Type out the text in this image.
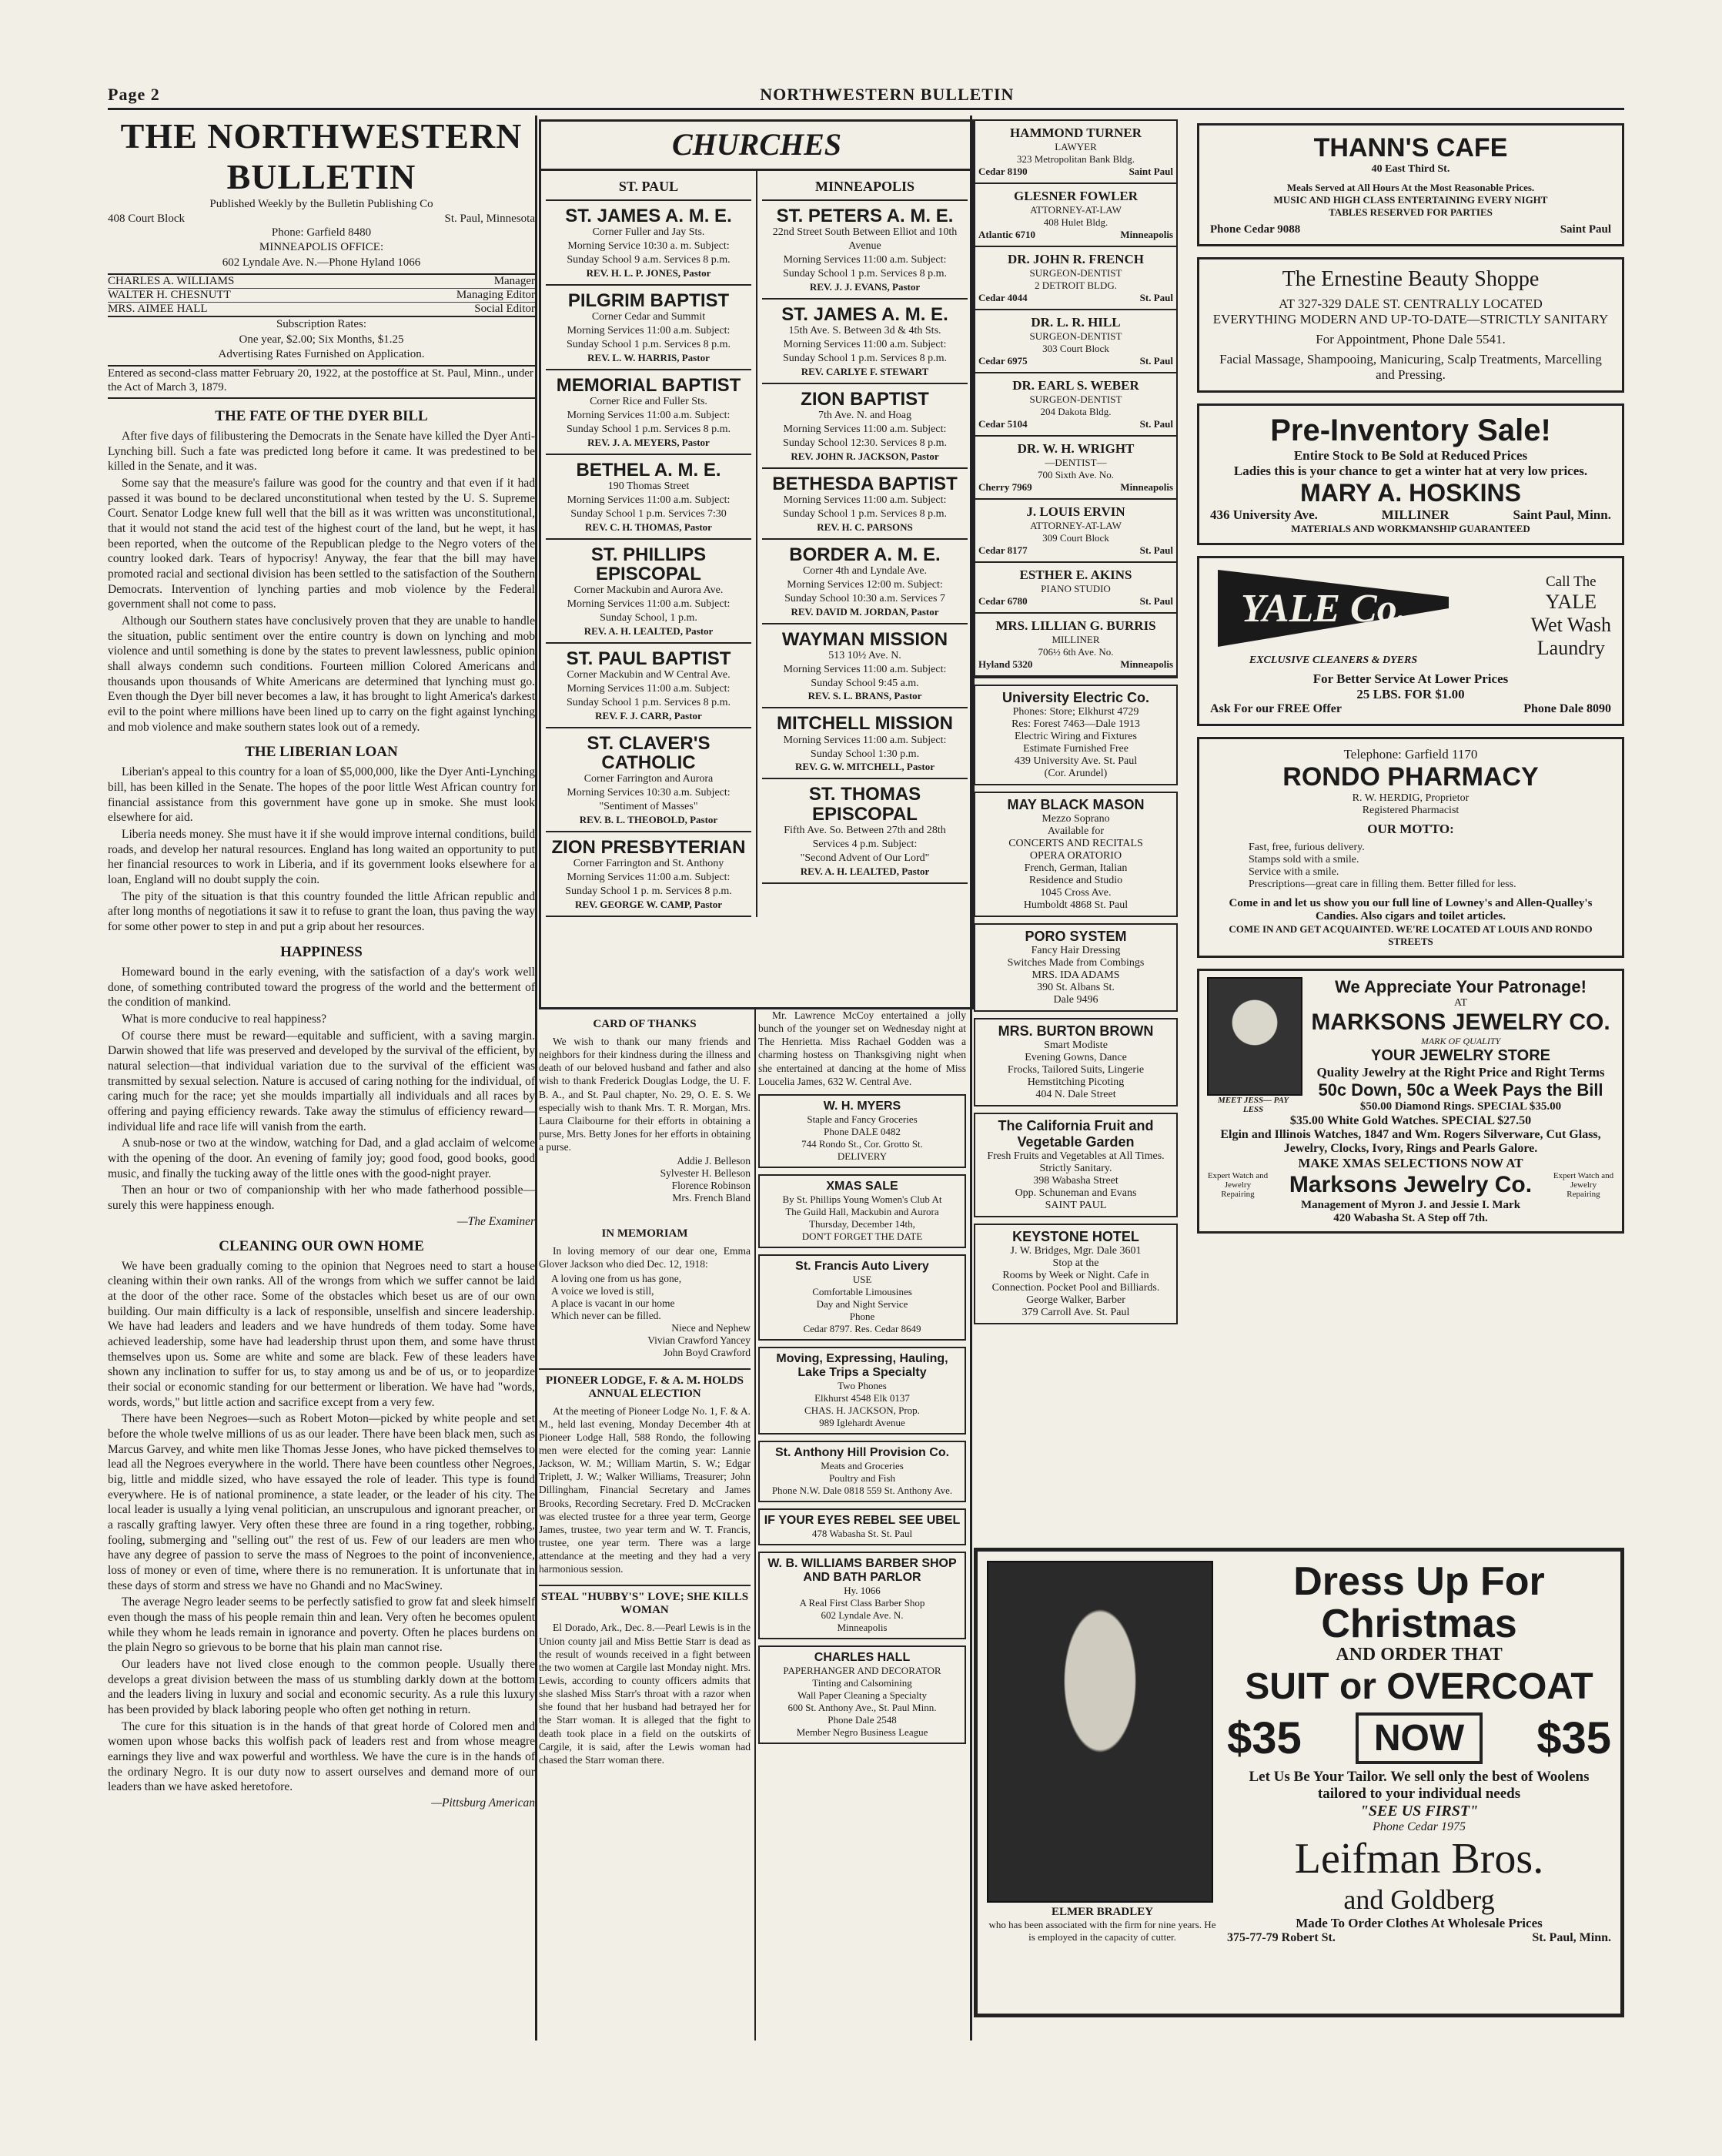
Page 2	NORTHWESTERN BULLETIN
THE NORTHWESTERN BULLETIN
Published Weekly by the Bulletin Publishing Co
408 Court Block	St. Paul, Minnesota
Phone: Garfield 8480
MINNEAPOLIS OFFICE:
602 Lyndale Ave. N.—Phone Hyland 1066
CHARLES A. WILLIAMS	Manager
WALTER H. CHESNUTT	Managing Editor
MRS. AIMEE HALL	Social Editor
Subscription Rates:
One year, $2.00; Six Months, $1.25
Advertising Rates Furnished on Application.
Entered as second-class matter February 20, 1922, at the postoffice at St. Paul, Minn., under the Act of March 3, 1879.
THE FATE OF THE DYER BILL

After five days of filibustering the Democrats in the Senate have killed the Dyer Anti-Lynching bill. Such a fate was predicted long before it came. It was predestined to be killed in the Senate, and it was.

Some say that the measure's failure was good for the country and that even if it had passed it was bound to be declared unconstitutional when tested by the U. S. Supreme Court. Senator Lodge knew full well that the bill as it was written was unconstitutional, that it would not stand the acid test of the highest court of the land, but he wept, it has been reported, when the outcome of the Republican pledge to the Negro voters of the country looked dark. Tears of hypocrisy! Anyway, the fear that the bill may have promoted racial and sectional division has been settled to the satisfaction of the Southern Democrats. Intervention of lynching parties and mob violence by the Federal government shall not come to pass.

Although our Southern states have conclusively proven that they are unable to handle the situation, public sentiment over the entire country is down on lynching and mob violence and until something is done by the states to prevent lawlessness, public opinion shall always condemn such conditions. Fourteen million Colored Americans and thousands upon thousands of White Americans are determined that lynching must go. Even though the Dyer bill never becomes a law, it has brought to light America's darkest evil to the point where millions have been lined up to carry on the fight against lynching and mob violence and make southern states look out of a remedy.

THE LIBERIAN LOAN

Liberian's appeal to this country for a loan of $5,000,000, like the Dyer Anti-Lynching bill, has been killed in the Senate. The hopes of the poor little West African country for financial assistance from this government have gone up in smoke. She must look elsewhere for aid.

Liberia needs money. She must have it if she would improve internal conditions, build roads, and develop her natural resources. England has long waited an opportunity to put her financial resources to work in Liberia, and if its government looks elsewhere for a loan, England will no doubt supply the coin.

The pity of the situation is that this country founded the little African republic and after long months of negotiations it saw it to refuse to grant the loan, thus paving the way for some other power to step in and put a grip about her resources.

HAPPINESS

Homeward bound in the early evening, with the satisfaction of a day's work well done, of something contributed toward the progress of the world and the betterment of the condition of mankind.

What is more conducive to real happiness?

Of course there must be reward—equitable and sufficient, with a saving margin. Darwin showed that life was preserved and developed by the survival of the efficient, by natural selection—that individual variation due to the survival of the efficient was transmitted by sexual selection. Nature is accused of caring nothing for the individual, of caring much for the race; yet she moulds impartially all individuals and all races by offering and paying efficiency rewards. Take away the stimulus of efficiency reward—individual life and race life will vanish from the earth.

A snub-nose or two at the window, watching for Dad, and a glad acclaim of welcome with the opening of the door. An evening of family joy; good food, good books, good music, and finally the tucking away of the little ones with the good-night prayer.

Then an hour or two of companionship with her who made fatherhood possible—surely this were happiness enough.

—The Examiner
CLEANING OUR OWN HOME

We have been gradually coming to the opinion that Negroes need to start a house cleaning within their own ranks. All of the wrongs from which we suffer cannot be laid at the door of the other race. Some of the obstacles which beset us are of our own building. Our main difficulty is a lack of responsible, unselfish and sincere leadership. We have had leaders and leaders and we have hundreds of them today. Some have achieved leadership, some have had leadership thrust upon them, and some have thrust themselves upon us. Some are white and some are black. Few of these leaders have shown any inclination to suffer for us, to stay among us and be of us, or to jeopardize their social or economic standing for our betterment or liberation. We have had "words, words, words," but little action and sacrifice except from a very few.

There have been Negroes—such as Robert Moton—picked by white people and set before the whole twelve millions of us as our leader. There have been black men, such as Marcus Garvey, and white men like Thomas Jesse Jones, who have picked themselves to lead all the Negroes everywhere in the world. There have been countless other Negroes, big, little and middle sized, who have essayed the role of leader. This type is found everywhere. He is of national prominence, a state leader, or the leader of his city. The local leader is usually a lying venal politician, an unscrupulous and ignorant preacher, or a rascally grafting lawyer. Very often these three are found in a ring together, robbing, fooling, submerging and "selling out" the rest of us. Few of our leaders are men who have any degree of passion to serve the mass of Negroes to the point of inconvenience, loss of money or even of time, where there is no remuneration. It is unfortunate that in these days of storm and stress we have no Ghandi and no MacSwiney.

The average Negro leader seems to be perfectly satisfied to grow fat and sleek himself even though the mass of his people remain thin and lean. Very often he becomes opulent while they whom he leads remain in ignorance and poverty. Often he places burdens on the plain Negro so grievous to be borne that his plain man cannot rise.

Our leaders have not lived close enough to the common people. Usually there develops a great division between the mass of us stumbling darkly down at the bottom and the leaders living in luxury and social and economic security. As a rule this luxury has been provided by black laboring people who often get nothing in return.

The cure for this situation is in the hands of that great horde of Colored men and women upon whose backs this wolfish pack of leaders rest and from whose meagre earnings they live and wax powerful and worthless. We have the cure is in the hands of the ordinary Negro. It is our duty now to assert ourselves and demand more of our leaders than we have asked heretofore.

—Pittsburg American
CHURCHES
ST. PAUL
ST. JAMES A. M. E.
Corner Fuller and Jay Sts.
Morning Service 10:30 a. m. Subject:
Sunday School 9 a.m. Services 8 p.m.
REV. H. L. P. JONES, Pastor
PILGRIM BAPTIST
Corner Cedar and Summit
Morning Services 11:00 a.m. Subject:
Sunday School 1 p.m. Services 8 p.m.
REV. L. W. HARRIS, Pastor
MEMORIAL BAPTIST
Corner Rice and Fuller Sts.
Morning Services 11:00 a.m. Subject:
Sunday School 1 p.m. Services 8 p.m.
REV. J. A. MEYERS, Pastor
BETHEL A. M. E.
190 Thomas Street
Morning Services 11:00 a.m. Subject:
Sunday School 1 p.m. Services 7:30
REV. C. H. THOMAS, Pastor
ST. PHILLIPS EPISCOPAL
Corner Mackubin and Aurora Ave.
Morning Services 11:00 a.m. Subject:
Sunday School, 1 p.m.
REV. A. H. LEALTED, Pastor
ST. PAUL BAPTIST
Corner Mackubin and W Central Ave.
Morning Services 11:00 a.m. Subject:
Sunday School 1 p.m. Services 8 p.m.
REV. F. J. CARR, Pastor
ST. CLAVER'S CATHOLIC
Corner Farrington and Aurora
Morning Services 10:30 a.m. Subject:
"Sentiment of Masses"
REV. B. L. THEOBOLD, Pastor
ZION PRESBYTERIAN
Corner Farrington and St. Anthony
Morning Services 11:00 a.m. Subject:
Sunday School 1 p. m. Services 8 p.m.
REV. GEORGE W. CAMP, Pastor
MINNEAPOLIS
ST. PETERS A. M. E.
22nd Street South Between Elliot and 10th Avenue
Morning Services 11:00 a.m. Subject:
Sunday School 1 p.m. Services 8 p.m.
REV. J. J. EVANS, Pastor
ST. JAMES A. M. E.
15th Ave. S. Between 3d & 4th Sts.
Morning Services 11:00 a.m. Subject:
Sunday School 1 p.m. Services 8 p.m.
REV. CARLYE F. STEWART
ZION BAPTIST
7th Ave. N. and Hoag
Morning Services 11:00 a.m. Subject:
Sunday School 12:30. Services 8 p.m.
REV. JOHN R. JACKSON, Pastor
BETHESDA BAPTIST
Morning Services 11:00 a.m. Subject:
Sunday School 1 p.m. Services 8 p.m.
REV. H. C. PARSONS
BORDER A. M. E.
Corner 4th and Lyndale Ave.
Morning Services 12:00 m. Subject:
Sunday School 10:30 a.m. Services 7
REV. DAVID M. JORDAN, Pastor
WAYMAN MISSION
513 10½ Ave. N.
Morning Services 11:00 a.m. Subject:
Sunday School 9:45 a.m.
REV. S. L. BRANS, Pastor
MITCHELL MISSION
Morning Services 11:00 a.m. Subject:
Sunday School 1:30 p.m.
REV. G. W. MITCHELL, Pastor
ST. THOMAS EPISCOPAL
Fifth Ave. So. Between 27th and 28th
Services 4 p.m. Subject:
"Second Advent of Our Lord"
REV. A. H. LEALTED, Pastor
CARD OF THANKS

We wish to thank our many friends and neighbors for their kindness during the illness and death of our beloved husband and father and also wish to thank Frederick Douglas Lodge, the U. F. B. A., and St. Paul chapter, No. 29, O. E. S. We especially wish to thank Mrs. T. R. Morgan, Mrs. Laura Claibourne for their efforts in obtaining a purse, Mrs. Betty Jones for her efforts in obtaining a purse.

Addie J. Belleson
Sylvester H. Belleson
Florence Robinson
Mrs. French Bland
IN MEMORIAM

In loving memory of our dear one, Emma Glover Jackson who died Dec. 12, 1918:

A loving one from us has gone,
A voice we loved is still,
A place is vacant in our home
Which never can be filled.
Niece and Nephew
Vivian Crawford Yancey
John Boyd Crawford
PIONEER LODGE, F. & A. M. HOLDS ANNUAL ELECTION

At the meeting of Pioneer Lodge No. 1, F. & A. M., held last evening, Monday December 4th at Pioneer Lodge Hall, 588 Rondo, the following men were elected for the coming year: Lannie Jackson, W. M.; William Martin, S. W.; Edgar Triplett, J. W.; Walker Williams, Treasurer; John Dillingham, Financial Secretary and James Brooks, Recording Secretary. Fred D. McCracken was elected trustee for a three year term, George James, trustee, two year term and W. T. Francis, trustee, one year term. There was a large attendance at the meeting and they had a very harmonious session.

STEAL "HUBBY'S" LOVE; SHE KILLS WOMAN

El Dorado, Ark., Dec. 8.—Pearl Lewis is in the Union county jail and Miss Bettie Starr is dead as the result of wounds received in a fight between the two women at Cargile last Monday night. Mrs. Lewis, according to county officers admits that she slashed Miss Starr's throat with a razor when she found that her husband had betrayed her for the Starr woman. It is alleged that the fight to death took place in a field on the outskirts of Cargile, it is said, after the Lewis woman had chased the Starr woman there.

Mr. Lawrence McCoy entertained a jolly bunch of the younger set on Wednesday night at The Henrietta. Miss Rachael Godden was a charming hostess on Thanksgiving night when she entertained at dancing at the home of Miss Loucelia James, 632 W. Central Ave.

W. H. MYERS
Staple and Fancy Groceries
Phone DALE 0482
744 Rondo St., Cor. Grotto St.
DELIVERY
XMAS SALE
By St. Phillips Young Women's Club At
The Guild Hall, Mackubin and Aurora
Thursday, December 14th,
DON'T FORGET THE DATE
St. Francis Auto Livery
USE
Comfortable Limousines
Day and Night Service
Phone
Cedar 8797. Res. Cedar 8649
Moving, Expressing, Hauling, Lake Trips a Specialty
Two Phones
Elkhurst 4548 Elk 0137
CHAS. H. JACKSON, Prop.
989 Iglehardt Avenue
St. Anthony Hill Provision Co.
Meats and Groceries
Poultry and Fish
Phone N.W. Dale 0818 559 St. Anthony Ave.
IF YOUR EYES REBEL SEE UBEL
478 Wabasha St. St. Paul
W. B. WILLIAMS BARBER SHOP AND BATH PARLOR
Hy. 1066
A Real First Class Barber Shop
602 Lyndale Ave. N.
Minneapolis
CHARLES HALL
PAPERHANGER AND DECORATOR
Tinting and Calsomining
Wall Paper Cleaning a Specialty
600 St. Anthony Ave., St. Paul Minn.
Phone Dale 2548
Member Negro Business League
HAMMOND TURNER
LAWYER
323 Metropolitan Bank Bldg.
Cedar 8190	Saint Paul
GLESNER FOWLER
ATTORNEY-AT-LAW
408 Hulet Bldg.
Atlantic 6710	Minneapolis
DR. JOHN R. FRENCH
SURGEON-DENTIST
2 DETROIT BLDG.
Cedar 4044	St. Paul
DR. L. R. HILL
SURGEON-DENTIST
303 Court Block
Cedar 6975	St. Paul
DR. EARL S. WEBER
SURGEON-DENTIST
204 Dakota Bldg.
Cedar 5104	St. Paul
DR. W. H. WRIGHT
—DENTIST—
700 Sixth Ave. No.
Cherry 7969	Minneapolis
J. LOUIS ERVIN
ATTORNEY-AT-LAW
309 Court Block
Cedar 8177	St. Paul
ESTHER E. AKINS
PIANO STUDIO
Cedar 6780	St. Paul
MRS. LILLIAN G. BURRIS
MILLINER
706½ 6th Ave. No.
Hyland 5320	Minneapolis
University Electric Co.
Phones: Store; Elkhurst 4729
Res: Forest 7463—Dale 1913
Electric Wiring and Fixtures
Estimate Furnished Free
439 University Ave. St. Paul
(Cor. Arundel)
MAY BLACK MASON
Mezzo Soprano
Available for
CONCERTS AND RECITALS
OPERA ORATORIO
French, German, Italian
Residence and Studio
1045 Cross Ave.
Humboldt 4868 St. Paul
PORO SYSTEM
Fancy Hair Dressing
Switches Made from Combings
MRS. IDA ADAMS
390 St. Albans St.
Dale 9496
MRS. BURTON BROWN
Smart Modiste
Evening Gowns, Dance
Frocks, Tailored Suits, Lingerie
Hemstitching Picoting
404 N. Dale Street
The California Fruit and Vegetable Garden
Fresh Fruits and Vegetables at All Times.
Strictly Sanitary.
398 Wabasha Street
Opp. Schuneman and Evans
SAINT PAUL
KEYSTONE HOTEL
J. W. Bridges, Mgr. Dale 3601
Stop at the
Rooms by Week or Night. Cafe in Connection. Pocket Pool and Billiards.
George Walker, Barber
379 Carroll Ave. St. Paul
THANN'S CAFE
40 East Third St.
Meals Served at All Hours At the Most Reasonable Prices.
MUSIC AND HIGH CLASS ENTERTAINING EVERY NIGHT
TABLES RESERVED FOR PARTIES
Phone Cedar 9088	Saint Paul
The Ernestine Beauty Shoppe
AT 327-329 DALE ST. CENTRALLY LOCATED
EVERYTHING MODERN AND UP-TO-DATE—STRICTLY SANITARY
For Appointment, Phone Dale 5541.
Facial Massage, Shampooing, Manicuring, Scalp Treatments, Marcelling and Pressing.
Pre-Inventory Sale!
Entire Stock to Be Sold at Reduced Prices
Ladies this is your chance to get a winter hat at very low prices.
MARY A. HOSKINS
436 University Ave.	MILLINER	Saint Paul, Minn.
MATERIALS AND WORKMANSHIP GUARANTEED
YALE Co.
EXCLUSIVE CLEANERS & DYERS
Call The
YALE
Wet Wash
Laundry
For Better Service At Lower Prices
25 LBS. FOR $1.00
Ask For our FREE Offer	Phone Dale 8090
Telephone: Garfield 1170
RONDO PHARMACY
R. W. HERDIG, Proprietor
Registered Pharmacist
OUR MOTTO:
Fast, free, furious delivery.
Stamps sold with a smile.
Service with a smile.
Prescriptions—great care in filling them. Better filled for less.
Come in and let us show you our full line of Lowney's and Allen-Qualley's Candies. Also cigars and toilet articles.
COME IN AND GET ACQUAINTED. WE'RE LOCATED AT LOUIS AND RONDO STREETS
MEET JESS— PAY LESS
We Appreciate Your Patronage!
AT
MARKSONS JEWELRY CO.
MARK OF QUALITY
YOUR JEWELRY STORE
Quality Jewelry at the Right Price and Right Terms
50c Down, 50c a Week Pays the Bill
$50.00 Diamond Rings. SPECIAL $35.00
$35.00 White Gold Watches. SPECIAL $27.50
Elgin and Illinois Watches, 1847 and Wm. Rogers Silverware, Cut Glass, Jewelry, Clocks, Ivory, Rings and Pearls Galore.
MAKE XMAS SELECTIONS NOW AT
Expert Watch and Jewelry Repairing	Marksons Jewelry Co.	Expert Watch and Jewelry Repairing
Management of Myron J. and Jessie I. Mark
420 Wabasha St. A Step off 7th.
ELMER BRADLEY
who has been associated with the firm for nine years. He is employed in the capacity of cutter.
Dress Up For Christmas
AND ORDER THAT
SUIT or OVERCOAT
$35	NOW	$35
Let Us Be Your Tailor. We sell only the best of Woolens tailored to your individual needs
"SEE US FIRST"
Phone Cedar 1975
Leifman Bros.
and Goldberg
Made To Order Clothes At Wholesale Prices
375-77-79 Robert St.	St. Paul, Minn.
